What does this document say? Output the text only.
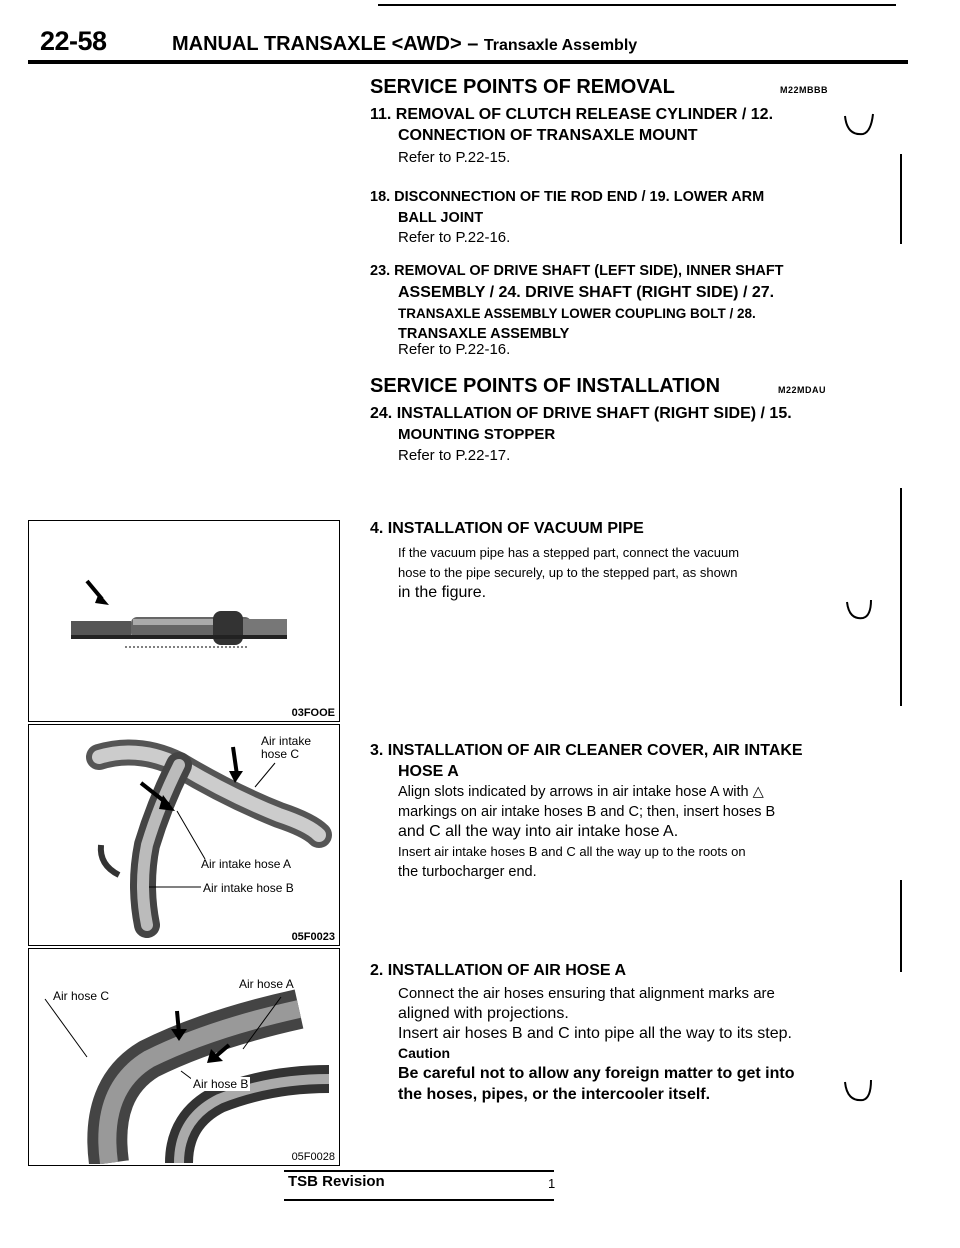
22-58	MANUAL TRANSAXLE <AWD> – Transaxle Assembly
SERVICE POINTS OF REMOVAL	M22MBBB
11. REMOVAL OF CLUTCH RELEASE CYLINDER / 12.
CONNECTION OF TRANSAXLE MOUNT
Refer to P.22-15.
18. DISCONNECTION OF TIE ROD END / 19. LOWER ARM
BALL JOINT
Refer to P.22-16.
23. REMOVAL OF DRIVE SHAFT (LEFT SIDE), INNER SHAFT
ASSEMBLY / 24. DRIVE SHAFT (RIGHT SIDE) / 27.
TRANSAXLE ASSEMBLY LOWER COUPLING BOLT / 28.
TRANSAXLE ASSEMBLY
Refer to P.22-16.
SERVICE POINTS OF INSTALLATION	M22MDAU
24. INSTALLATION OF DRIVE SHAFT (RIGHT SIDE) / 15.
MOUNTING STOPPER
Refer to P.22-17.
4. INSTALLATION OF VACUUM PIPE
If the vacuum pipe has a stepped part, connect the vacuum
hose to the pipe securely, up to the stepped part, as shown
in the figure.
3. INSTALLATION OF AIR CLEANER COVER, AIR INTAKE
HOSE A
Align slots indicated by arrows in air intake hose A with △
markings on air intake hoses B and C; then, insert hoses B
and C all the way into air intake hose A.
Insert air intake hoses B and C all the way up to the roots on
the turbocharger end.
2. INSTALLATION OF AIR HOSE A
Connect the air hoses ensuring that alignment marks are
aligned with projections.
Insert air hoses B and C into pipe all the way to its step.
Caution
Be careful not to allow any foreign matter to get into
the hoses, pipes, or the intercooler itself.
03FOOE
Air intake
hose C
Air intake hose A
Air intake hose B
05F0023
Air hose C
Air hose A
Air hose B
05F0028
TSB Revision	1
